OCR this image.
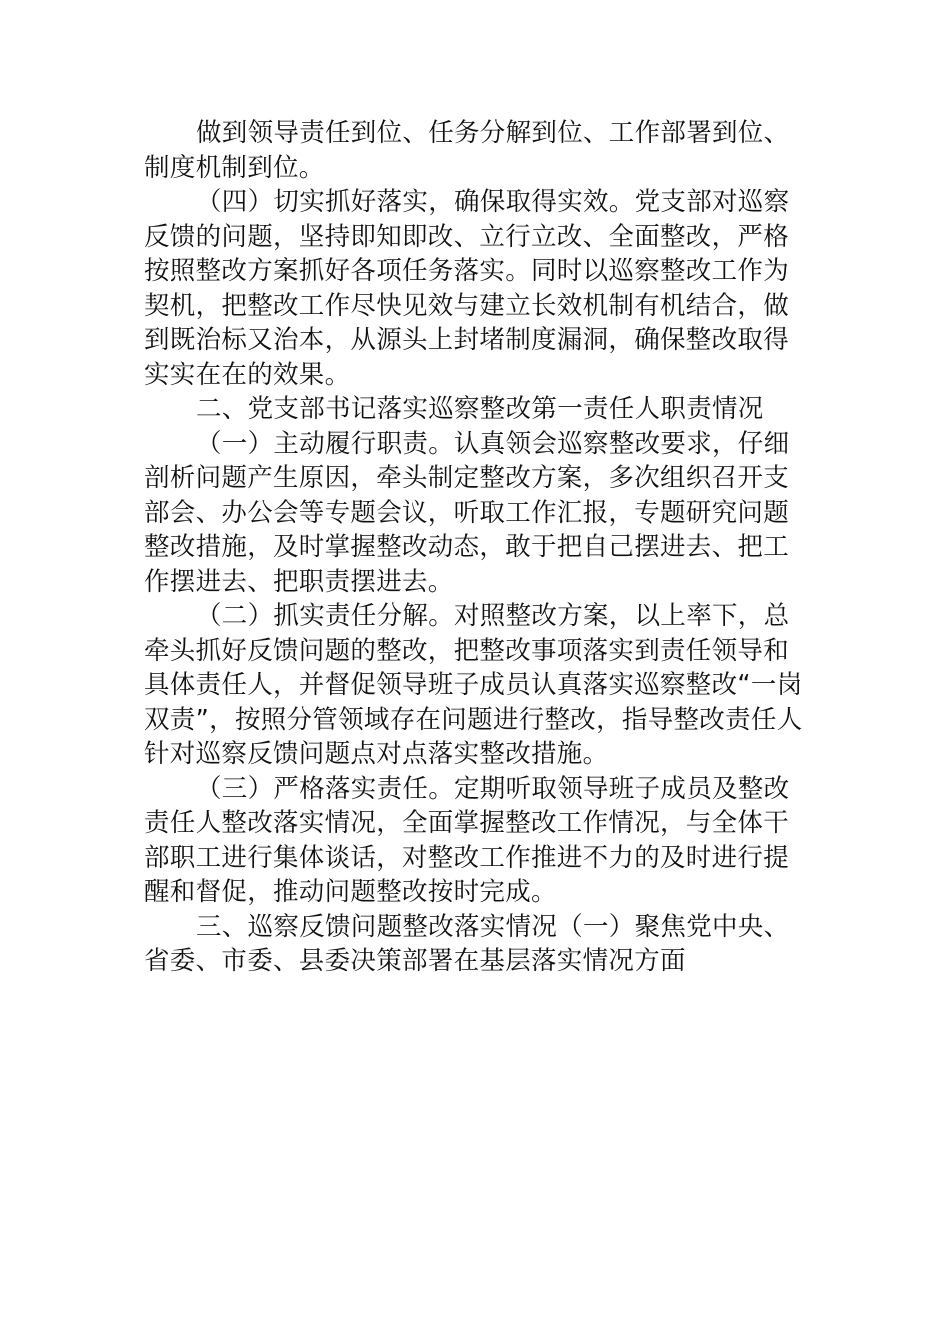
做到领导责任到位、任务分解到位、工作部署到位、
制度机制到位。
（四）切实抓好落实，确保取得实效。党支部对巡察
反馈的问题，坚持即知即改、立行立改、全面整改，严格
按照整改方案抓好各项任务落实。同时以巡察整改工作为
契机，把整改工作尽快见效与建立长效机制有机结合，做
到既治标又治本，从源头上封堵制度漏洞，确保整改取得
实实在在的效果。
二、党支部书记落实巡察整改第一责任人职责情况
（一）主动履行职责。认真领会巡察整改要求，仔细
剖析问题产生原因，牵头制定整改方案，多次组织召开支
部会、办公会等专题会议，听取工作汇报，专题研究问题
整改措施，及时掌握整改动态，敢于把自己摆进去、把工
作摆进去、把职责摆进去。
（二）抓实责任分解。对照整改方案，以上率下，总
牵头抓好反馈问题的整改，把整改事项落实到责任领导和
具体责任人，并督促领导班子成员认真落实巡察整改“一岗
双责”，按照分管领域存在问题进行整改，指导整改责任人
针对巡察反馈问题点对点落实整改措施。
（三）严格落实责任。定期听取领导班子成员及整改
责任人整改落实情况，全面掌握整改工作情况，与全体干
部职工进行集体谈话，对整改工作推进不力的及时进行提
醒和督促，推动问题整改按时完成。
三、巡察反馈问题整改落实情况（一）聚焦党中央、
省委、市委、县委决策部署在基层落实情况方面
